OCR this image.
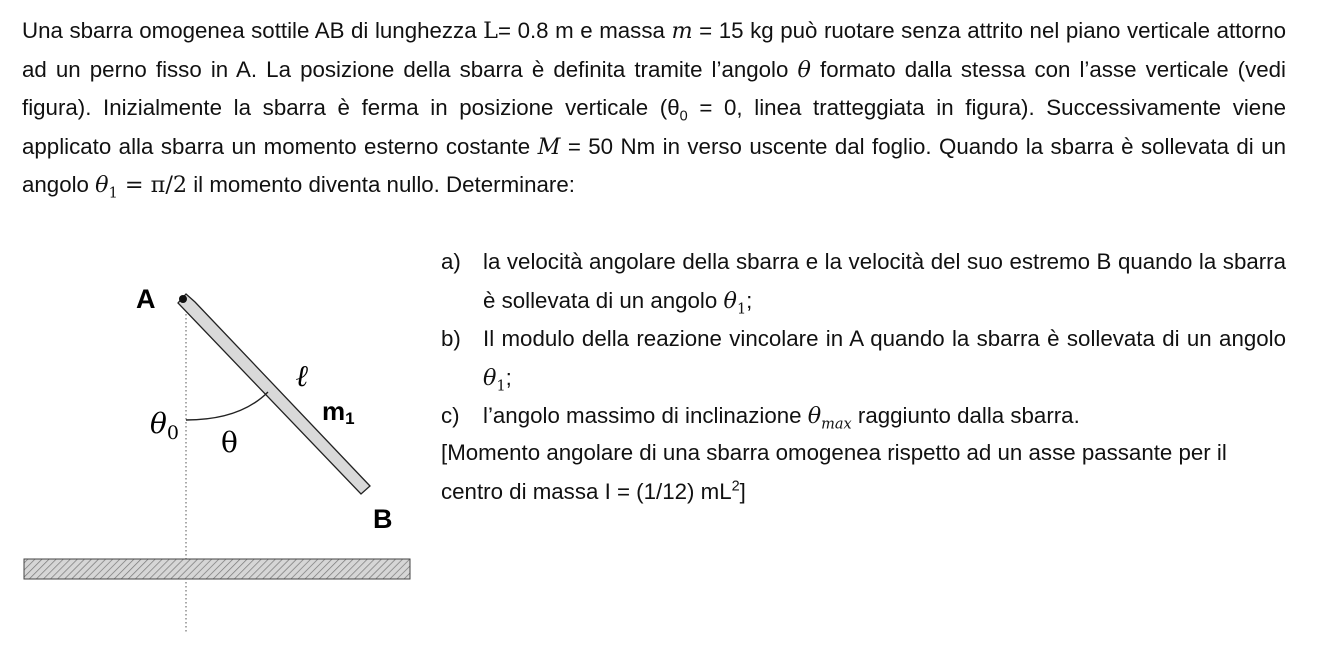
Una sbarra omogenea sottile AB di lunghezza L= 0.8 m e massa m = 15 kg può ruotare senza attrito nel piano verticale attorno ad un perno fisso in A. La posizione della sbarra è definita tramite l’angolo θ formato dalla stessa con l’asse verticale (vedi figura). Inizialmente la sbarra è ferma in posizione verticale ($\theta_0 = 0$, linea tratteggiata in figura). Successivamente viene applicato alla sbarra un momento esterno costante M = 50 Nm in verso uscente dal foglio. Quando la sbarra è sollevata di un angolo $\theta_1 = \pi/2$ il momento diventa nullo. Determinare:

a) la velocità angolare della sbarra e la velocità del suo estremo B quando la sbarra è sollevata di un angolo $\theta_1$;
b) Il modulo della reazione vincolare in A quando la sbarra è sollevata di un angolo $\theta_1$;
c)	l’angolo massimo di inclinazione $\theta_{max}$ raggiunto dalla sbarra.

[Momento angolare di una sbarra omogenea rispetto ad un asse passante per il centro di massa I = (1/12) $mL^2$]

A
B
ℓ
m1
$\theta_0$ θ
